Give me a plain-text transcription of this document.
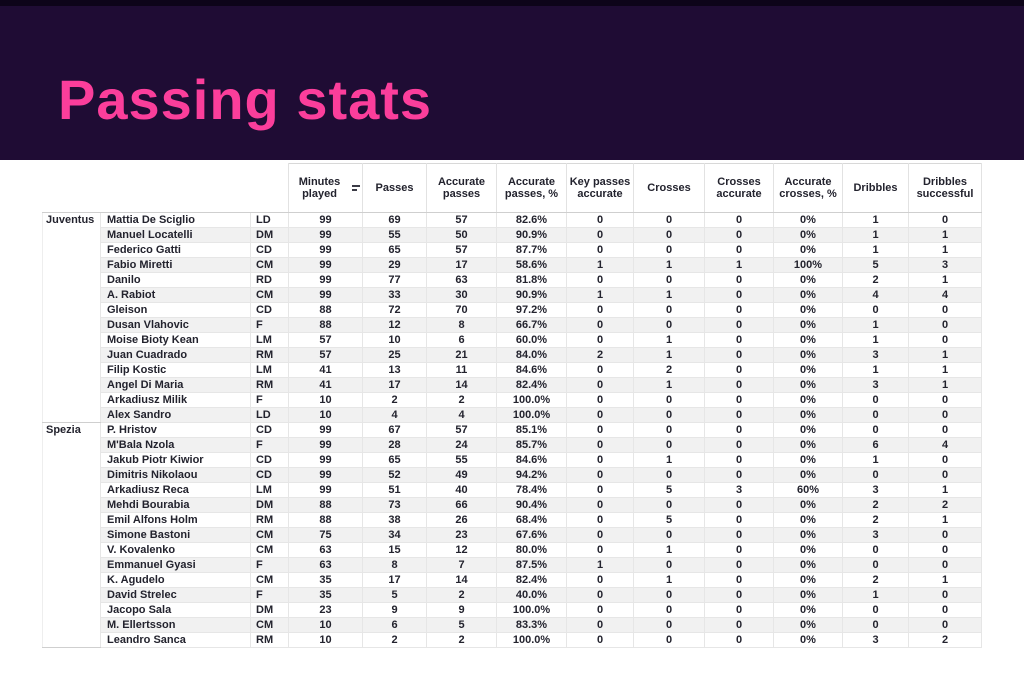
Passing stats

			Minutes played	Passes	Accurate passes	Accurate passes, %	Key passes accurate	Crosses	Crosses accurate	Accurate crosses, %	Dribbles	Dribbles successful
Juventus	Mattia De Sciglio	LD	99	69	57	82.6%	0	0	0	0%	1	0
	Manuel Locatelli	DM	99	55	50	90.9%	0	0	0	0%	1	1
	Federico Gatti	CD	99	65	57	87.7%	0	0	0	0%	1	1
	Fabio Miretti	CM	99	29	17	58.6%	1	1	1	100%	5	3
	Danilo	RD	99	77	63	81.8%	0	0	0	0%	2	1
	A. Rabiot	CM	99	33	30	90.9%	1	1	0	0%	4	4
	Gleison	CD	88	72	70	97.2%	0	0	0	0%	0	0
	Dusan Vlahovic	F	88	12	8	66.7%	0	0	0	0%	1	0
	Moise Bioty Kean	LM	57	10	6	60.0%	0	1	0	0%	1	0
	Juan Cuadrado	RM	57	25	21	84.0%	2	1	0	0%	3	1
	Filip Kostic	LM	41	13	11	84.6%	0	2	0	0%	1	1
	Angel Di Maria	RM	41	17	14	82.4%	0	1	0	0%	3	1
	Arkadiusz Milik	F	10	2	2	100.0%	0	0	0	0%	0	0
	Alex Sandro	LD	10	4	4	100.0%	0	0	0	0%	0	0
Spezia	P. Hristov	CD	99	67	57	85.1%	0	0	0	0%	0	0
	M'Bala Nzola	F	99	28	24	85.7%	0	0	0	0%	6	4
	Jakub Piotr Kiwior	CD	99	65	55	84.6%	0	1	0	0%	1	0
	Dimitris Nikolaou	CD	99	52	49	94.2%	0	0	0	0%	0	0
	Arkadiusz Reca	LM	99	51	40	78.4%	0	5	3	60%	3	1
	Mehdi Bourabia	DM	88	73	66	90.4%	0	0	0	0%	2	2
	Emil Alfons Holm	RM	88	38	26	68.4%	0	5	0	0%	2	1
	Simone Bastoni	CM	75	34	23	67.6%	0	0	0	0%	3	0
	V. Kovalenko	CM	63	15	12	80.0%	0	1	0	0%	0	0
	Emmanuel Gyasi	F	63	8	7	87.5%	1	0	0	0%	0	0
	K. Agudelo	CM	35	17	14	82.4%	0	1	0	0%	2	1
	David Strelec	F	35	5	2	40.0%	0	0	0	0%	1	0
	Jacopo Sala	DM	23	9	9	100.0%	0	0	0	0%	0	0
	M. Ellertsson	CM	10	6	5	83.3%	0	0	0	0%	0	0
	Leandro Sanca	RM	10	2	2	100.0%	0	0	0	0%	3	2
